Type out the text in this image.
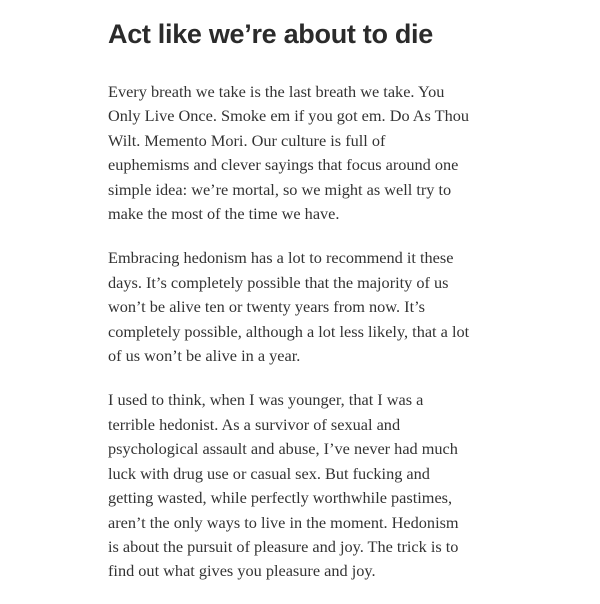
Act like we’re about to die

Every breath we take is the last breath we take. You
Only Live Once. Smoke em if you got em. Do As Thou
Wilt. Memento Mori. Our culture is full of
euphemisms and clever sayings that focus around one
simple idea: we’re mortal, so we might as well try to
make the most of the time we have.

Embracing hedonism has a lot to recommend it these
days. It’s completely possible that the majority of us
won’t be alive ten or twenty years from now. It’s
completely possible, although a lot less likely, that a lot
of us won’t be alive in a year.

I used to think, when I was younger, that I was a
terrible hedonist. As a survivor of sexual and
psychological assault and abuse, I’ve never had much
luck with drug use or casual sex. But fucking and
getting wasted, while perfectly worthwhile pastimes,
aren’t the only ways to live in the moment. Hedonism
is about the pursuit of pleasure and joy. The trick is to
find out what gives you pleasure and joy.
